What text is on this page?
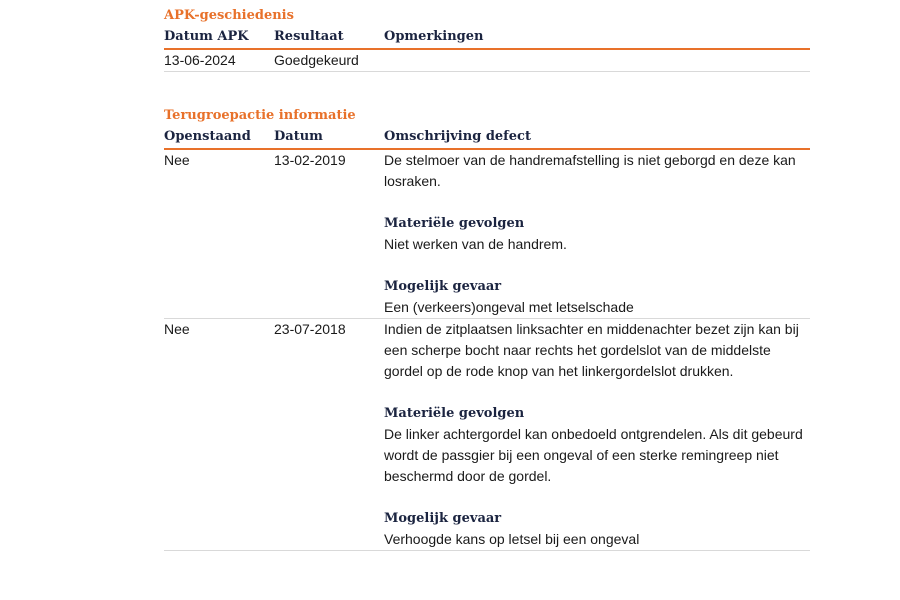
APK-geschiedenis
Datum APK	Resultaat	Opmerkingen
13-06-2024	Goedgekeurd
Terugroepactie informatie
Openstaand	Datum	Omschrijving defect
Nee	13-02-2019	De stelmoer van de handremafstelling is niet geborgd en deze kan losraken.

Materiële gevolgen

Niet werken van de handrem.

Mogelijk gevaar

Een (verkeers)ongeval met letselschade

Nee	23-07-2018	Indien de zitplaatsen linksachter en middenachter bezet zijn kan bij een scherpe bocht naar rechts het gordelslot van de middelste gordel op de rode knop van het linkergordelslot drukken.

Materiële gevolgen

De linker achtergordel kan onbedoeld ontgrendelen. Als dit gebeurd wordt de passgier bij een ongeval of een sterke remingreep niet beschermd door de gordel.

Mogelijk gevaar

Verhoogde kans op letsel bij een ongeval
